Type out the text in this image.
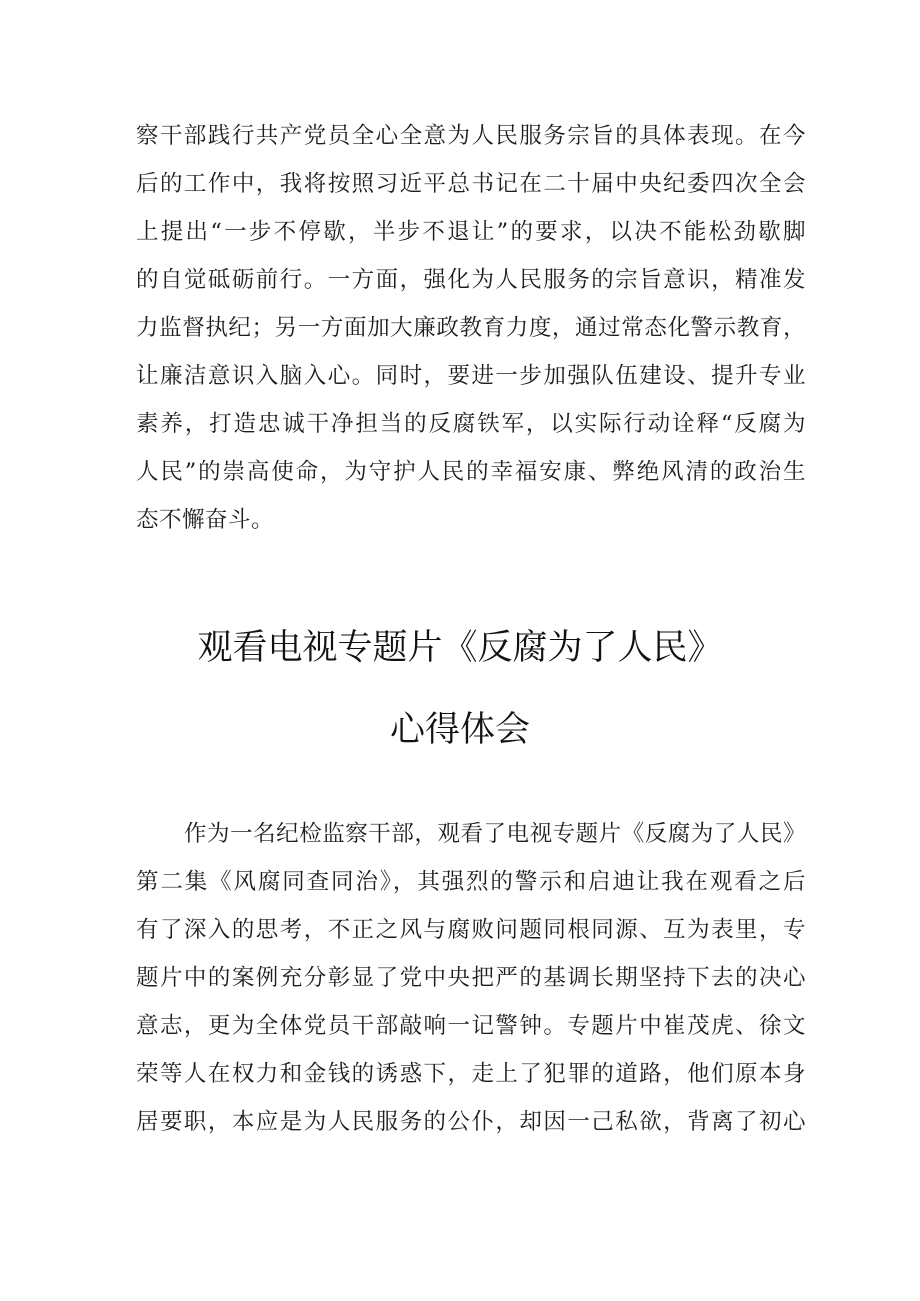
察干部践行共产党员全心全意为人民服务宗旨的具体表现。在今
后的工作中，我将按照习近平总书记在二十届中央纪委四次全会
上提出“一步不停歇，半步不退让”的要求，以决不能松劲歇脚
的自觉砥砺前行。一方面，强化为人民服务的宗旨意识，精准发
力监督执纪；另一方面加大廉政教育力度，通过常态化警示教育，
让廉洁意识入脑入心。同时，要进一步加强队伍建设、提升专业
素养，打造忠诚干净担当的反腐铁军，以实际行动诠释“反腐为
人民”的崇高使命，为守护人民的幸福安康、弊绝风清的政治生
态不懈奋斗。
观看电视专题片《反腐为了人民》
心得体会
作为一名纪检监察干部，观看了电视专题片《反腐为了人民》
第二集《风腐同查同治》，其强烈的警示和启迪让我在观看之后
有了深入的思考，不正之风与腐败问题同根同源、互为表里，专
题片中的案例充分彰显了党中央把严的基调长期坚持下去的决心
意志，更为全体党员干部敲响一记警钟。专题片中崔茂虎、徐文
荣等人在权力和金钱的诱惑下，走上了犯罪的道路，他们原本身
居要职，本应是为人民服务的公仆，却因一己私欲，背离了初心
